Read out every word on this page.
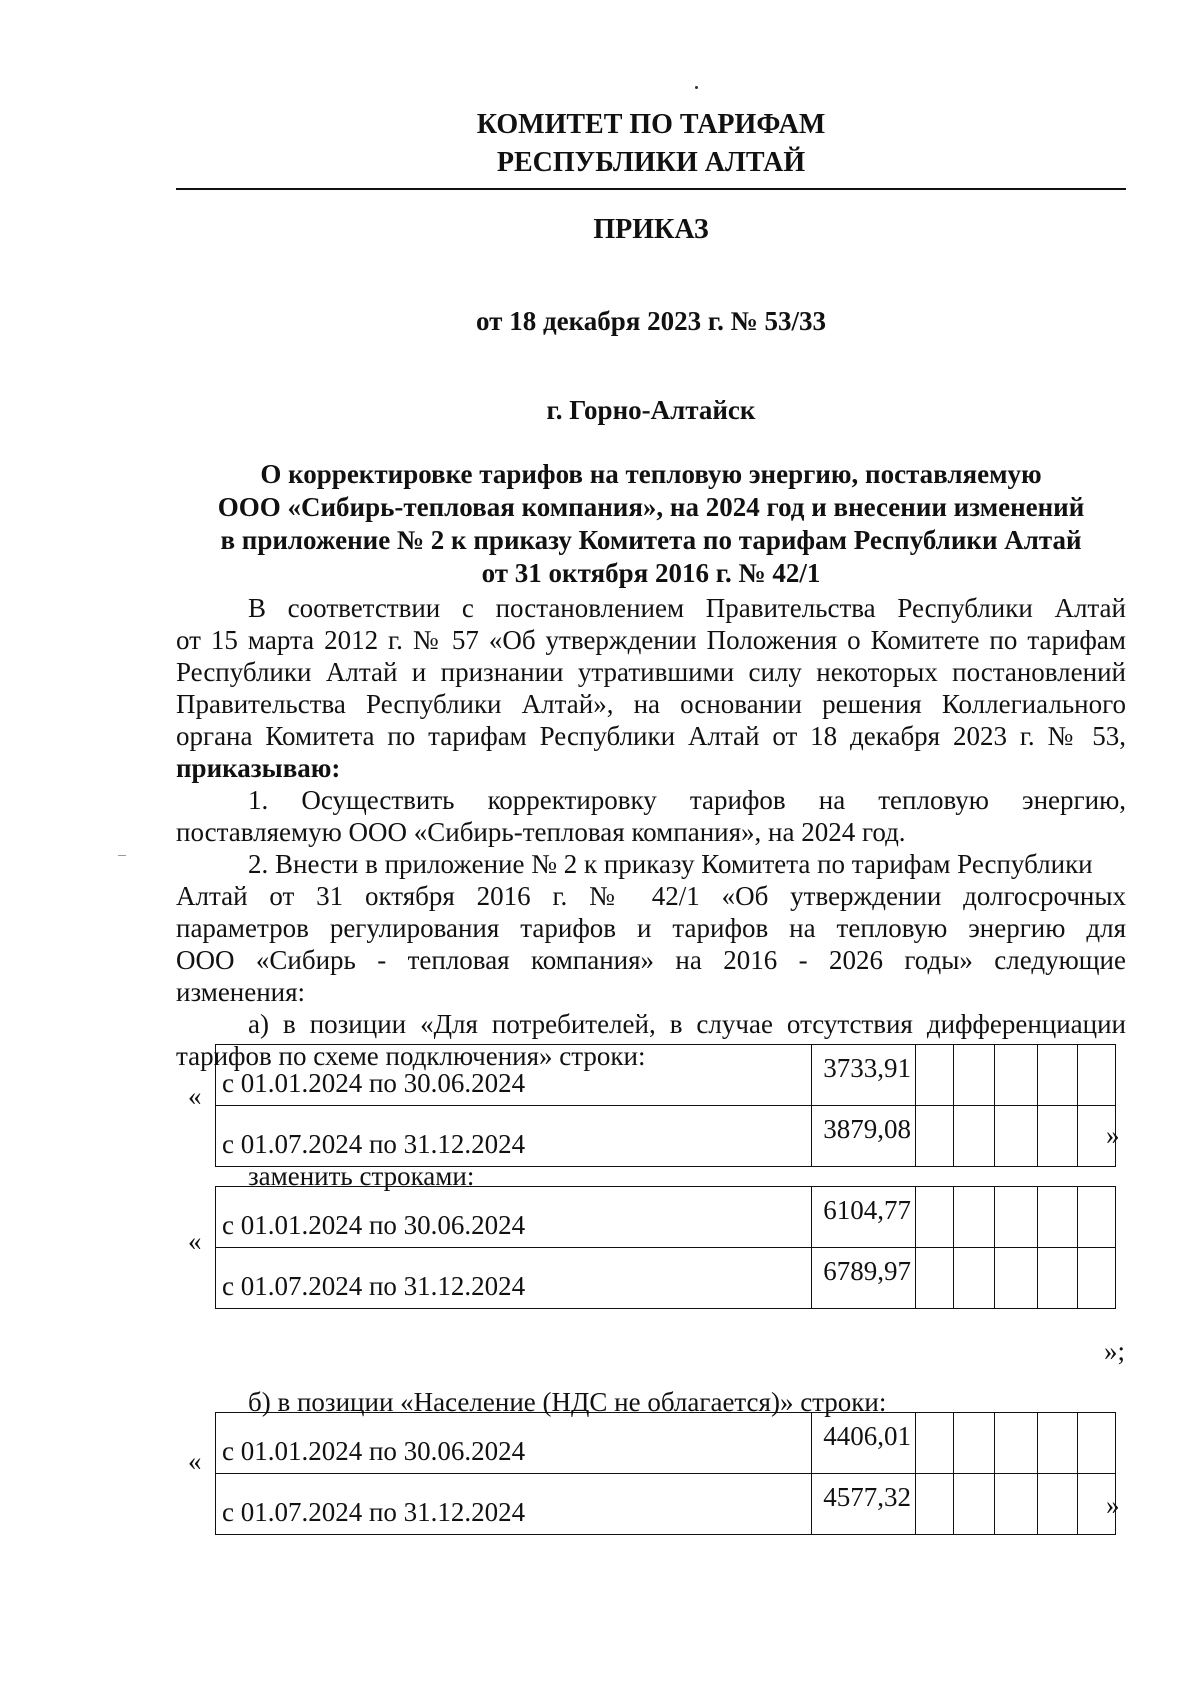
КОМИТЕТ ПО ТАРИФАМ
РЕСПУБЛИКИ АЛТАЙ
ПРИКАЗ
от 18 декабря 2023 г. № 53/33
г. Горно-Алтайск
О корректировке тарифов на тепловую энергию, поставляемую
ООО «Сибирь-тепловая компания», на 2024 год и внесении изменений
в приложение № 2 к приказу Комитета по тарифам Республики Алтай
от 31 октября 2016 г. № 42/1
В соответствии с постановлением Правительства Республики Алтай
от 15 марта 2012 г. № 57 «Об утверждении Положения о Комитете по тарифам
Республики Алтай и признании утратившими силу некоторых постановлений
Правительства Республики Алтай», на основании решения Коллегиального
органа Комитета по тарифам Республики Алтай от 18 декабря 2023 г. № 53,
приказываю:
1. Осуществить корректировку тарифов на тепловую энергию,
поставляемую ООО «Сибирь-тепловая компания», на 2024 год.
2. Внести в приложение № 2 к приказу Комитета по тарифам Республики
Алтай от 31 октября 2016 г. № 42/1 «Об утверждении долгосрочных
параметров регулирования тарифов и тарифов на тепловую энергию для
ООО «Сибирь - тепловая компания» на 2016 - 2026 годы» следующие
изменения:
а) в позиции «Для потребителей, в случае отсутствия дифференциации
тарифов по схеме подключения» строки:
« с 01.01.2024 по 30.06.2024	3733,91					
с 01.07.2024 по 31.12.2024	3879,08						»
заменить строками:
«
с 01.01.2024 по 30.06.2024	6104,77					
с 01.07.2024 по 31.12.2024	6789,97					
»;
б) в позиции «Население (НДС не облагается)» строки:
« с 01.01.2024 по 30.06.2024	4406,01					
с 01.07.2024 по 31.12.2024	4577,32						»
